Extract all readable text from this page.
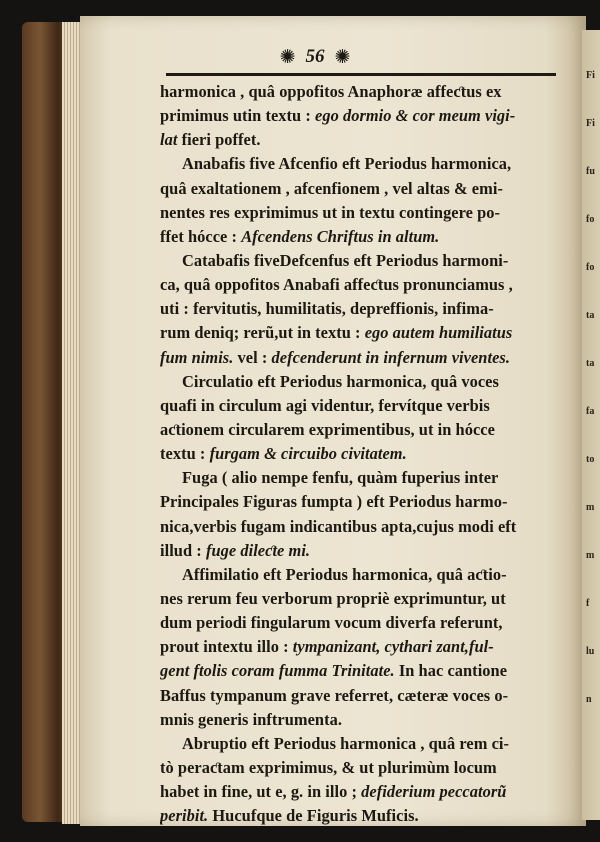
Fi
Fi
fu
fo
fo
ta
ta
fa
to
m
m
f
lu
n
✺ 56 ✺
harmonica , quâ oppofitos Anaphoræ affeƈtus ex
primimus utin textu : ego dormio & cor meum vigi-
lat fieri poffet.
Anabafis five Afcenfio eft Periodus harmonica,
quâ exaltationem , afcenfionem , vel altas & emi-
nentes res exprimimus ut in textu contingere po-
ffet hócce : Afcendens Chriftus in altum.
Catabafis fiveDefcenfus eft Periodus harmoni-
ca, quâ oppofitos Anabafi affeƈtus pronunciamus ,
uti : fervitutis, humilitatis, depreffionis, infima-
rum deniq; rerũ,ut in textu : ego autem humiliatus
fum nimis. vel : defcenderunt in infernum viventes.
Circulatio eft Periodus harmonica, quâ voces
quafi in circulum agi videntur, fervítque verbis
aƈtionem circularem exprimentibus, ut in hócce
textu : furgam & circuibo civitatem.
Fuga ( alio nempe fenfu, quàm fuperius inter
Principales Figuras fumpta ) eft Periodus harmo-
nica,verbis fugam indicantibus apta,cujus modi eft
illud : fuge dileƈte mi.
Affimilatio eft Periodus harmonica, quâ aƈtio-
nes rerum feu verborum propriè exprimuntur, ut
dum periodi fingularum vocum diverfa referunt,
prout intextu illo : tympanizant, cythari zant,ful-
gent ftolis coram fumma Trinitate. In hac cantione
Baffus tympanum grave referret, cæteræ voces o-
mnis generis inftrumenta.
Abruptio eft Periodus harmonica , quâ rem ci-
tò peraƈtam exprimimus, & ut plurimùm locum
habet in fine, ut e, g. in illo ; defiderium peccatorũ
peribit. Hucufque de Figuris Muficis.
